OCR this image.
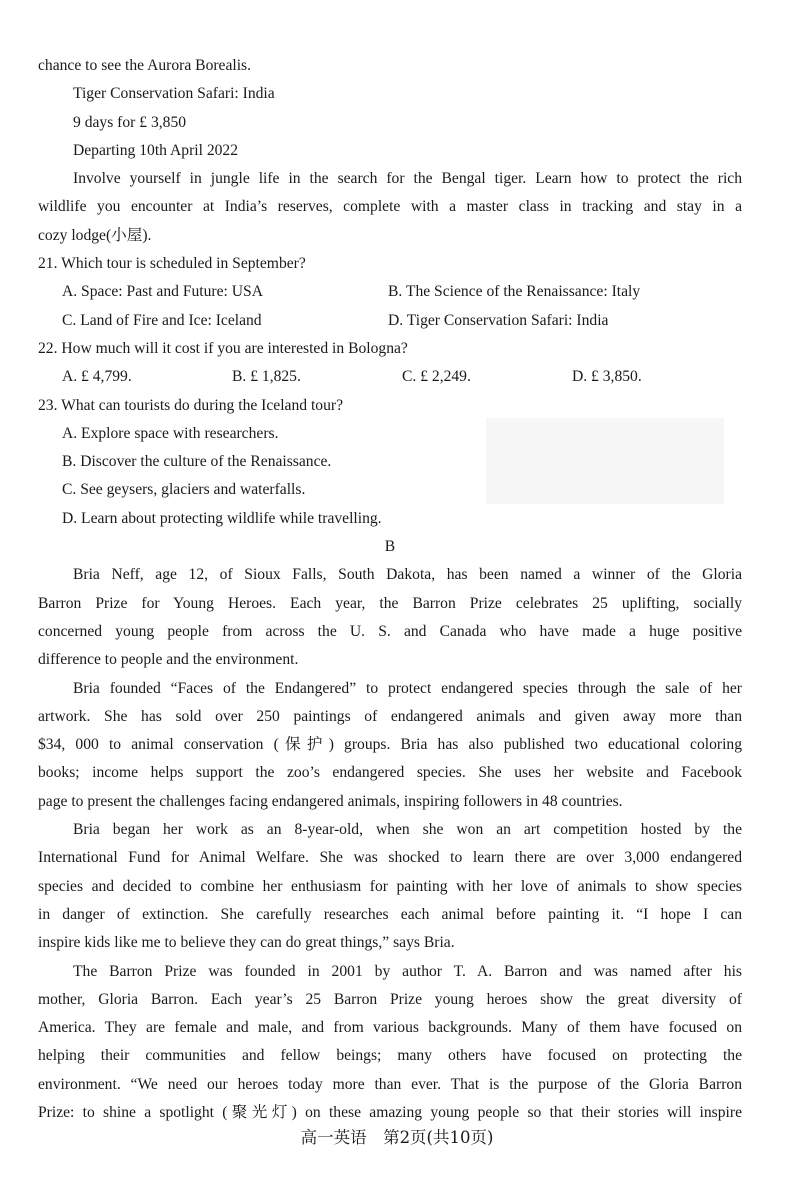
chance to see the Aurora Borealis.
Tiger Conservation Safari: India
9 days for £ 3,850
Departing 10th April 2022
Involve yourself in jungle life in the search for the Bengal tiger. Learn how to protect the rich
wildlife you encounter at India’s reserves, complete with a master class in tracking and stay in a
cozy lodge(小屋).
21. Which tour is scheduled in September?
A. Space: Past and Future: USA	B. The Science of the Renaissance: Italy
C. Land of Fire and Ice: Iceland	D. Tiger Conservation Safari: India
22. How much will it cost if you are interested in Bologna?
A. £ 4,799.	B. £ 1,825.	C. £ 2,249.	D. £ 3,850.
23. What can tourists do during the Iceland tour?
A. Explore space with researchers.
B. Discover the culture of the Renaissance.
C. See geysers, glaciers and waterfalls.
D. Learn about protecting wildlife while travelling.
B
Bria Neff, age 12, of Sioux Falls, South Dakota, has been named a winner of the Gloria
Barron Prize for Young Heroes. Each year, the Barron Prize celebrates 25 uplifting, socially
concerned young people from across the U. S. and Canada who have made a huge positive
difference to people and the environment.
Bria founded “Faces of the Endangered” to protect endangered species through the sale of her
artwork. She has sold over 250 paintings of endangered animals and given away more than
$34, 000 to animal conservation (保护) groups. Bria has also published two educational coloring
books; income helps support the zoo’s endangered species. She uses her website and Facebook
page to present the challenges facing endangered animals, inspiring followers in 48 countries.
Bria began her work as an 8-year-old, when she won an art competition hosted by the
International Fund for Animal Welfare. She was shocked to learn there are over 3,000 endangered
species and decided to combine her enthusiasm for painting with her love of animals to show species
in danger of extinction. She carefully researches each animal before painting it. “I hope I can
inspire kids like me to believe they can do great things,” says Bria.
The Barron Prize was founded in 2001 by author T. A. Barron and was named after his
mother, Gloria Barron. Each year’s 25 Barron Prize young heroes show the great diversity of
America. They are female and male, and from various backgrounds. Many of them have focused on
helping their communities and fellow beings; many others have focused on protecting the
environment. “We need our heroes today more than ever. That is the purpose of the Gloria Barron
Prize: to shine a spotlight (聚光灯) on these amazing young people so that their stories will inspire
高一英语　第2页(共10页)
